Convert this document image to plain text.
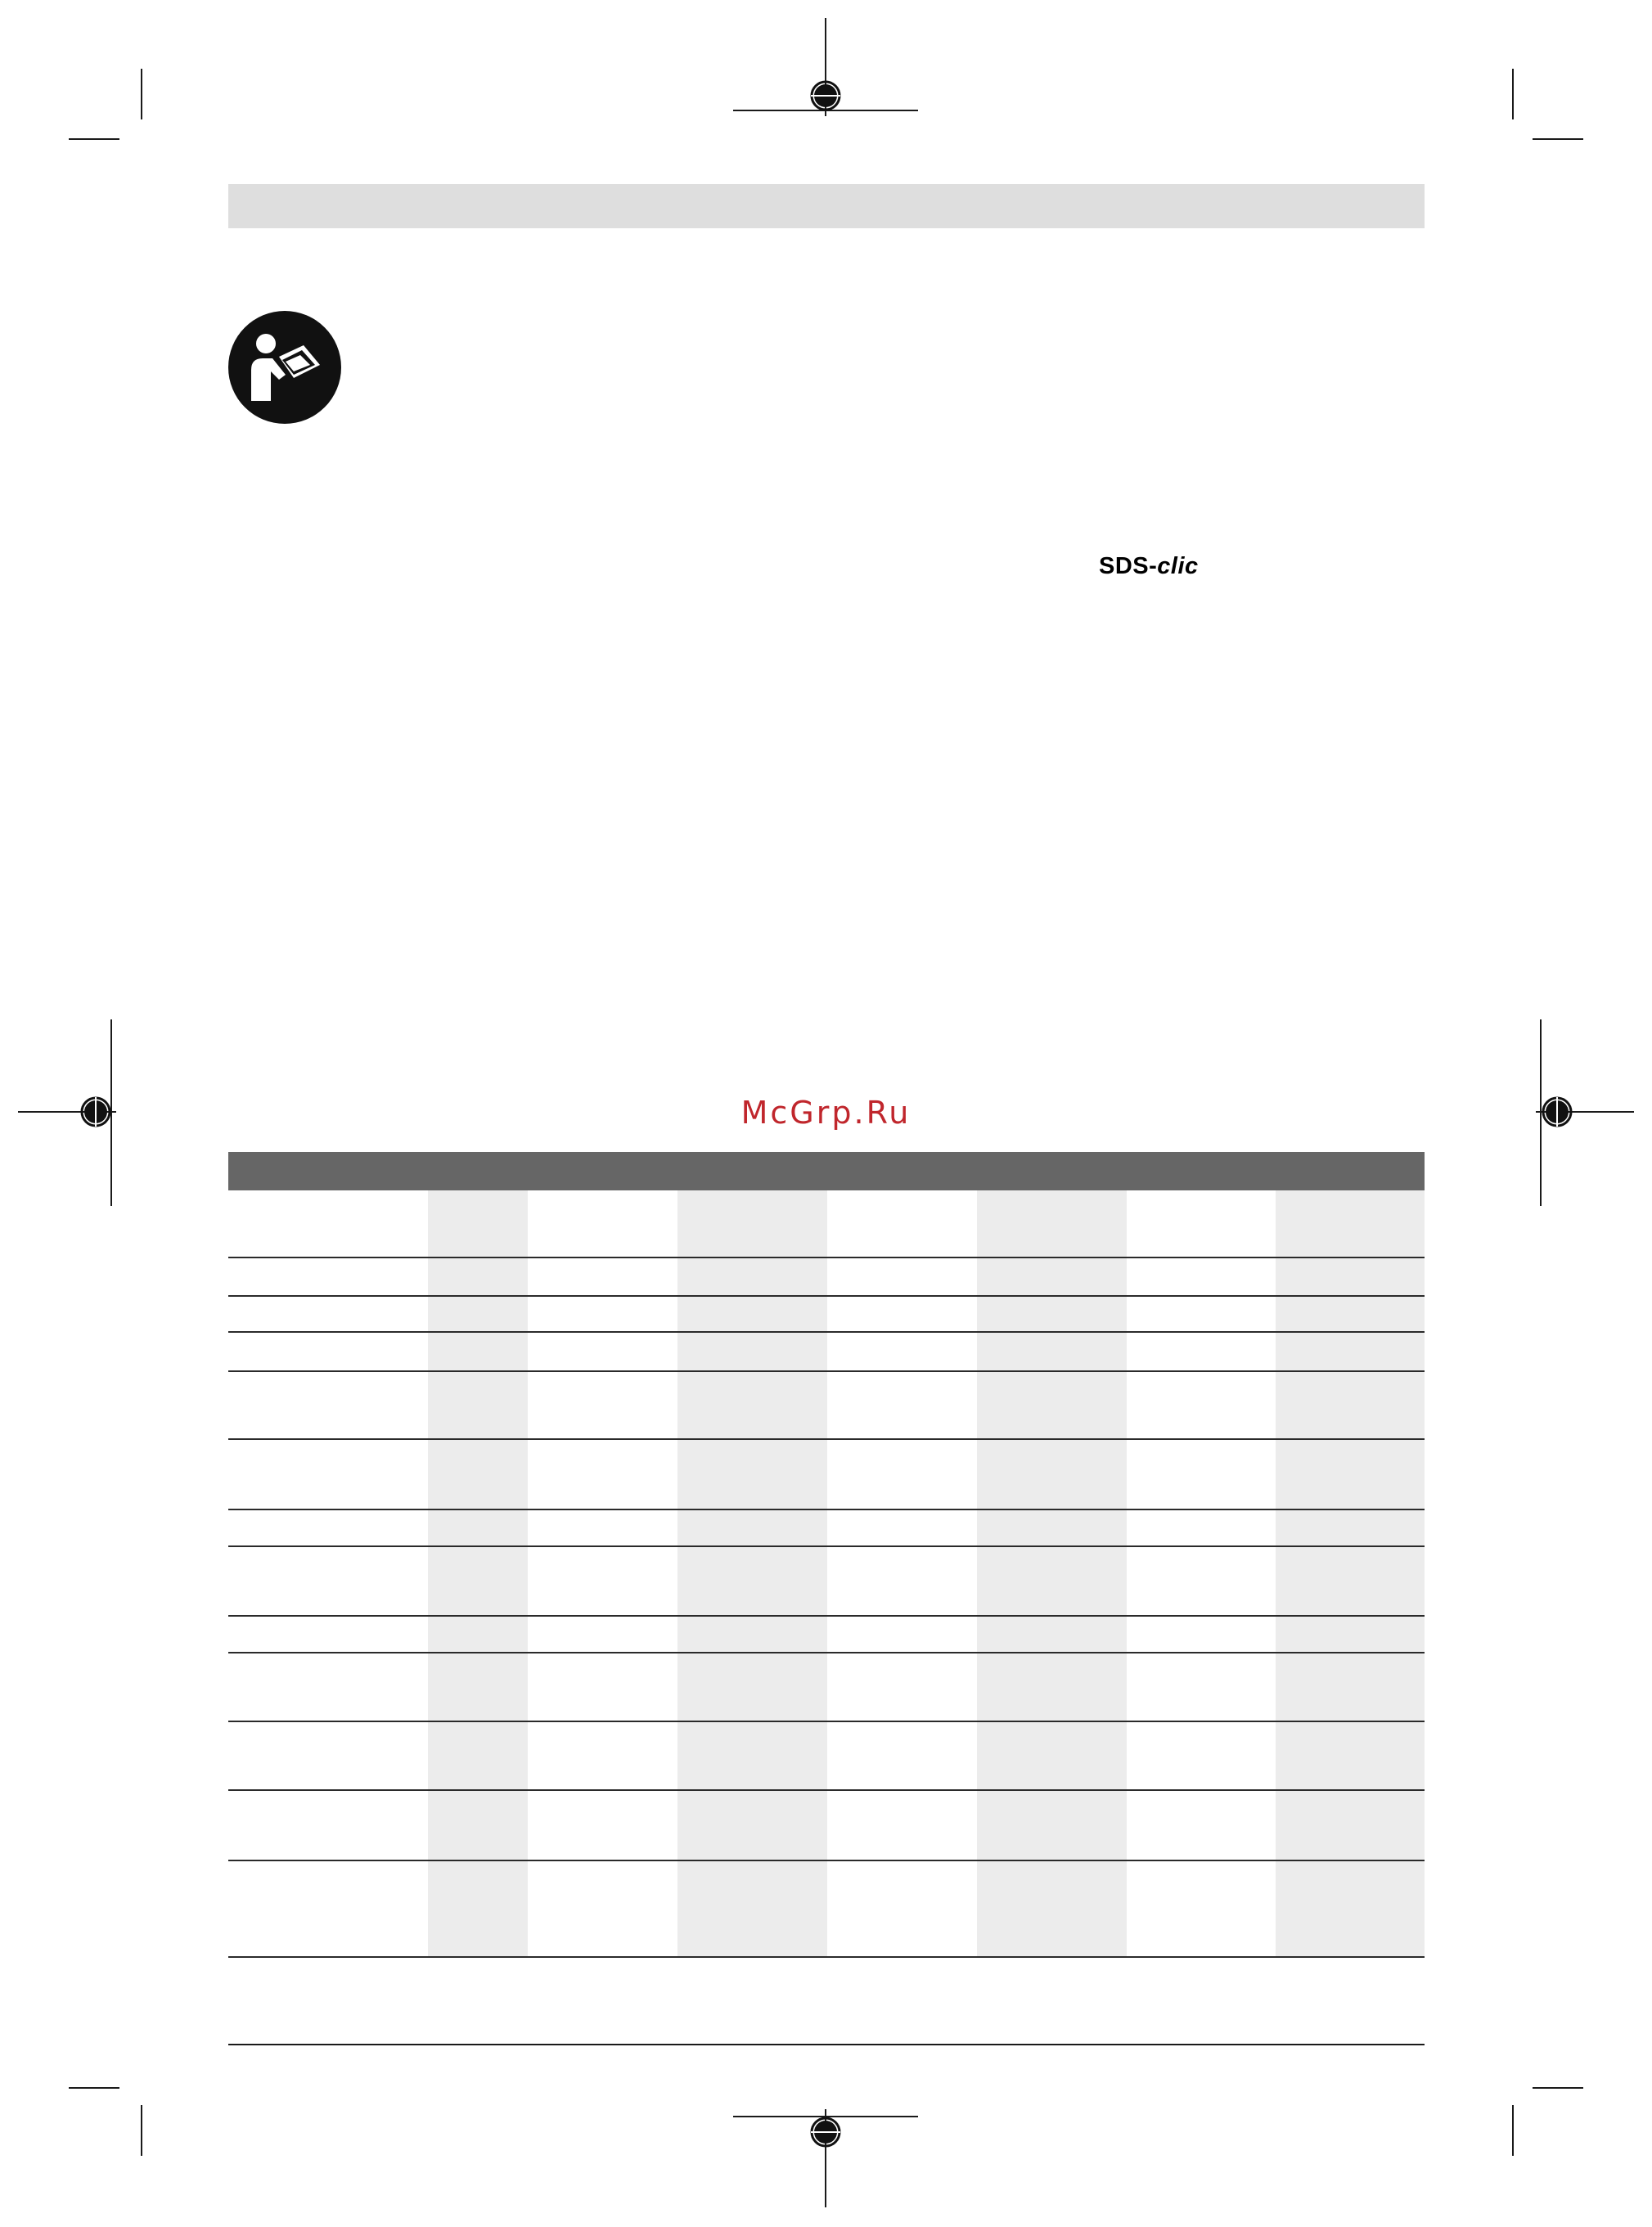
SDS-clic
McGrp.Ru
